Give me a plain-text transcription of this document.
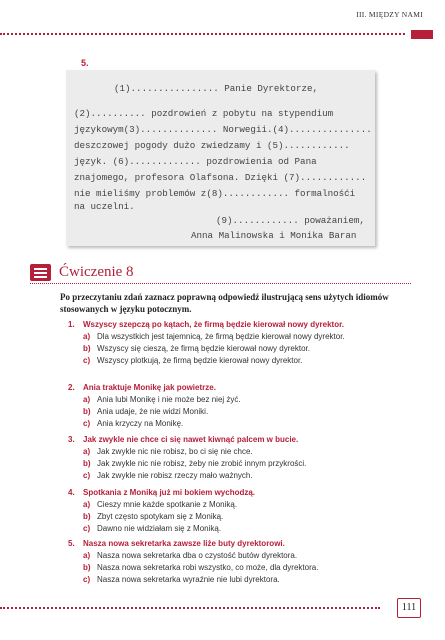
III. MIĘDZY NAMI
5.
(1)................ Panie Dyrektorze,
(2).......... pozdrowień z pobytu na stypendium
językowym(3).............. Norwegii.(4)...............
deszczowej pogody dużo zwiedzamy i (5)............
język. (6)............. pozdrowienia od Pana
znajomego, profesora Olafsona. Dzięki (7)............
nie mieliśmy problemów z(8)............ formalnośći
na uczelni.
(9)............ poważaniem,
Anna Malinowska i Monika Baran
Ćwiczenie 8
Po przeczytaniu zdań zaznacz poprawną odpowiedź ilustrującą sens użytych idiomów stosowanych w języku potocznym.
1. Wszyscy szepczą po kątach, że firmą będzie kierował nowy dyrektor.
a) Dla wszystkich jest tajemnicą, że firmą będzie kierował nowy dyrektor.
b) Wszyscy się cieszą, że firmą będzie kierował nowy dyrektor.
c) Wszyscy plotkują, że firmą będzie kierował nowy dyrektor.
2. Ania traktuje Monikę jak powietrze.
a) Ania lubi Monikę i nie może bez niej żyć.
b) Ania udaje, że nie widzi Moniki.
c) Ania krzyczy na Monikę.
3. Jak zwykle nie chce ci się nawet kiwnąć palcem w bucie.
a) Jak zwykle nic nie robisz, bo ci się nie chce.
b) Jak zwykle nic nie robisz, żeby nie zrobić innym przykrości.
c) Jak zwykle nie robisz rzeczy mało ważnych.
4. Spotkania z Moniką już mi bokiem wychodzą.
a) Cieszy mnie każde spotkanie z Moniką.
b) Zbyt często spotykam się z Moniką.
c) Dawno nie widziałam się z Moniką.
5. Nasza nowa sekretarka zawsze liże buty dyrektorowi.
a) Nasza nowa sekretarka dba o czystość butów dyrektora.
b) Nasza nowa sekretarka robi wszystko, co może, dla dyrektora.
c) Nasza nowa sekretarka wyraźnie nie lubi dyrektora.
111
